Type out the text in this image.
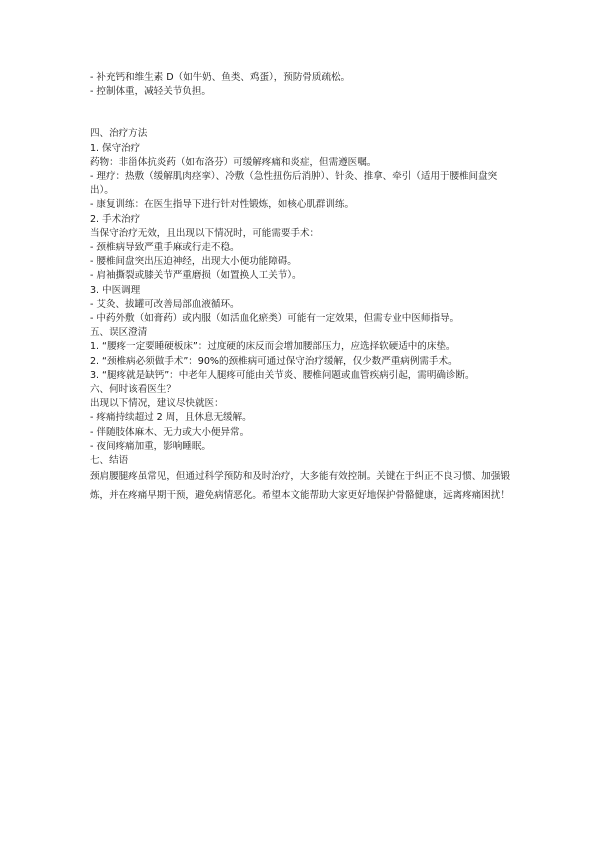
- 补充钙和维生素 D（如牛奶、鱼类、鸡蛋），预防骨质疏松。
- 控制体重，减轻关节负担。
四、治疗方法
1. 保守治疗
药物：非甾体抗炎药（如布洛芬）可缓解疼痛和炎症，但需遵医嘱。
- 理疗：热敷（缓解肌肉痉挛）、冷敷（急性扭伤后消肿）、针灸、推拿、牵引（适用于腰椎间盘突出）。
- 康复训练：在医生指导下进行针对性锻炼，如核心肌群训练。
2. 手术治疗
当保守治疗无效，且出现以下情况时，可能需要手术：
- 颈椎病导致严重手麻或行走不稳。
- 腰椎间盘突出压迫神经，出现大小便功能障碍。
- 肩袖撕裂或膝关节严重磨损（如置换人工关节）。
3. 中医调理
- 艾灸、拔罐可改善局部血液循环。
- 中药外敷（如膏药）或内服（如活血化瘀类）可能有一定效果，但需专业中医师指导。
五、误区澄清
1. “腰疼一定要睡硬板床”：过度硬的床反而会增加腰部压力，应选择软硬适中的床垫。
2. “颈椎病必须做手术”：90%的颈椎病可通过保守治疗缓解，仅少数严重病例需手术。
3. “腿疼就是缺钙”：中老年人腿疼可能由关节炎、腰椎问题或血管疾病引起，需明确诊断。
六、何时该看医生？
出现以下情况，建议尽快就医：
- 疼痛持续超过 2 周，且休息无缓解。
- 伴随肢体麻木、无力或大小便异常。
- 夜间疼痛加重，影响睡眠。
七、结语
颈肩腰腿疼虽常见，但通过科学预防和及时治疗，大多能有效控制。关键在于纠正不良习惯、加强锻炼，并在疼痛早期干预，避免病情恶化。希望本文能帮助大家更好地保护骨骼健康，远离疼痛困扰！
